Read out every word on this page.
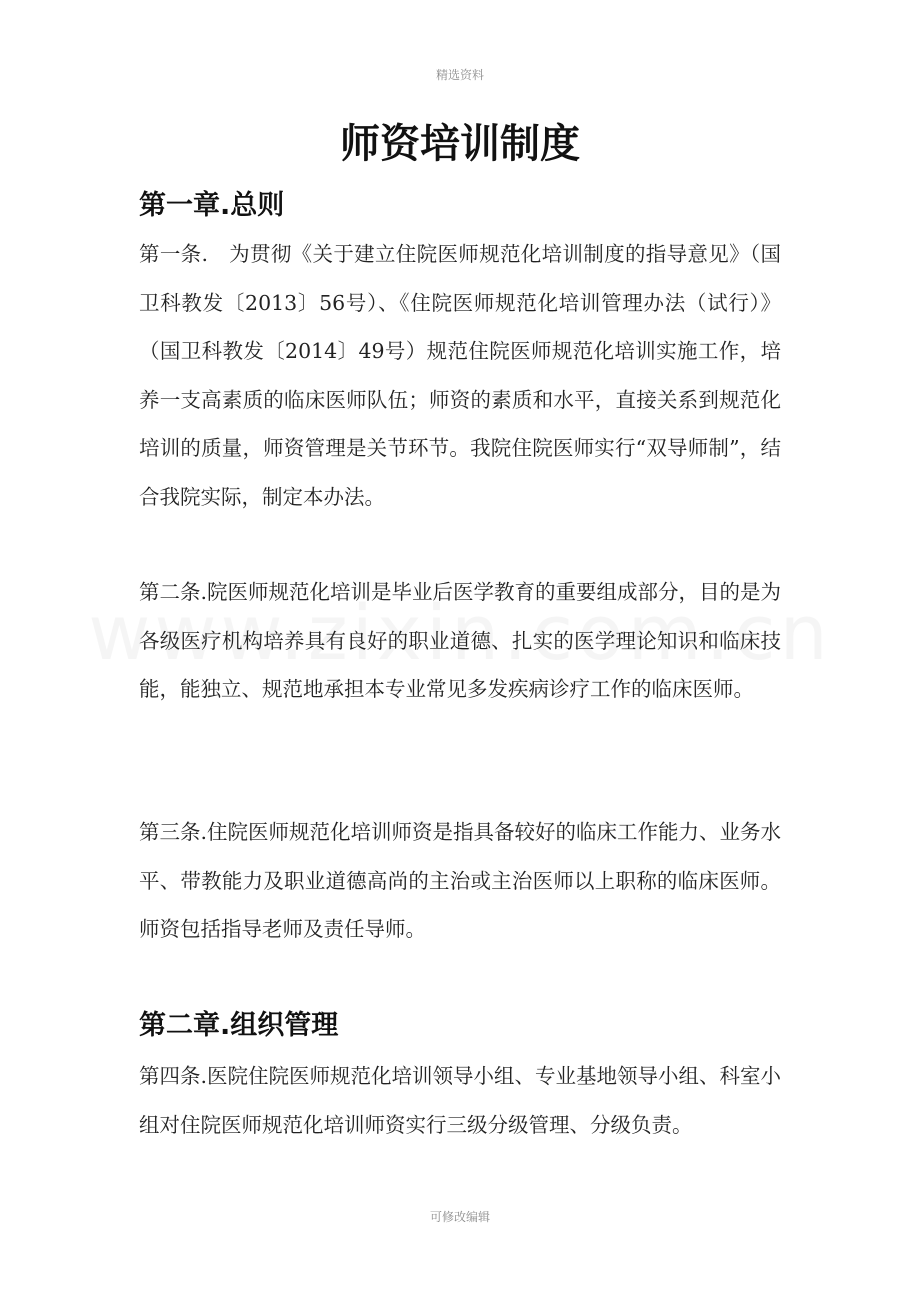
精选资料
师资培训制度
第一章.总则

第一条.　为贯彻《关于建立住院医师规范化培训制度的指导意见》（国卫科教发〔2013〕56号）、《住院医师规范化培训管理办法（试行）》（国卫科教发〔2014〕49号）规范住院医师规范化培训实施工作，培养一支高素质的临床医师队伍；师资的素质和水平，直接关系到规范化培训的质量，师资管理是关节环节。我院住院医师实行“双导师制”，结合我院实际，制定本办法。

第二条.院医师规范化培训是毕业后医学教育的重要组成部分，目的是为各级医疗机构培养具有良好的职业道德、扎实的医学理论知识和临床技能，能独立、规范地承担本专业常见多发疾病诊疗工作的临床医师。

第三条.住院医师规范化培训师资是指具备较好的临床工作能力、业务水平、带教能力及职业道德高尚的主治或主治医师以上职称的临床医师。师资包括指导老师及责任导师。

第二章.组织管理

第四条.医院住院医师规范化培训领导小组、专业基地领导小组、科室小组对住院医师规范化培训师资实行三级分级管理、分级负责。

可修改编辑
